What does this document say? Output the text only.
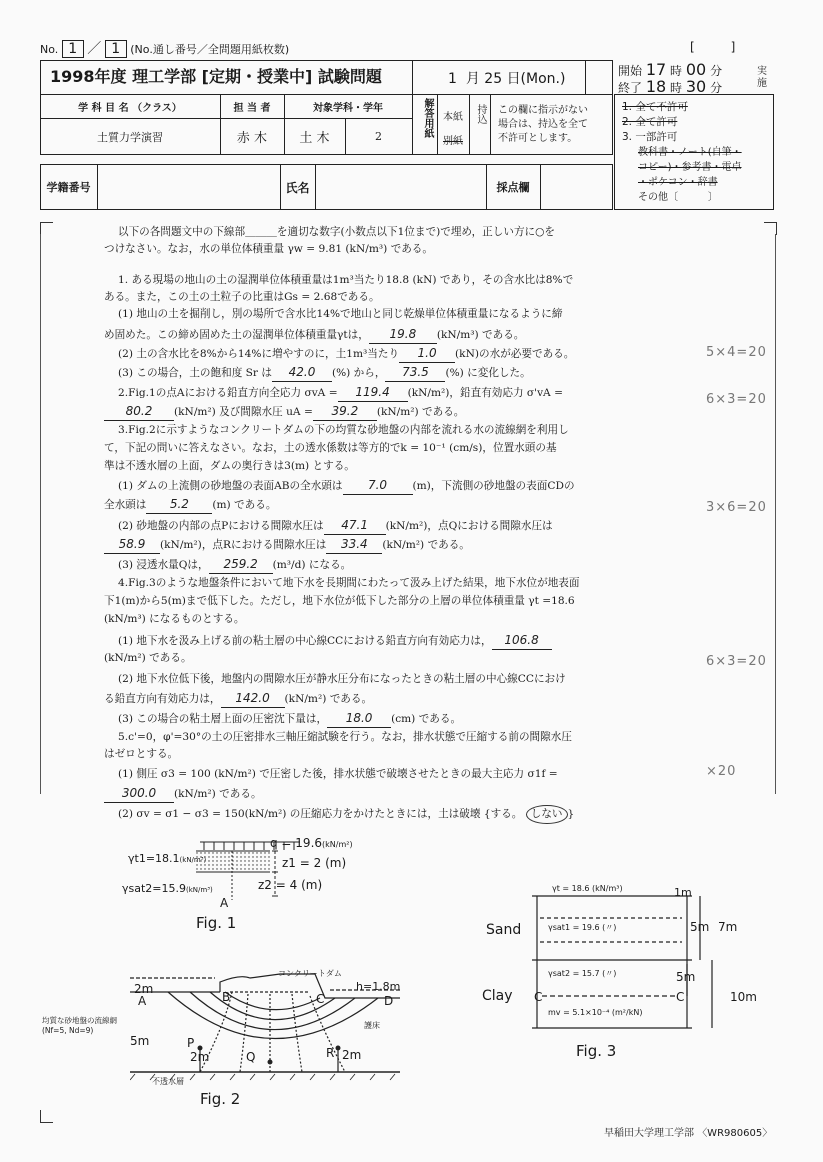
No. 1 ／ 1 (No.通し番号／全問題用紙枚数)	[　　　]
1998年度 理工学部 [定期・授業中] 試験問題	1 月 25 日(Mon.)
学 科 目 名 （クラス）	担 当 者	対象学科・学年
土質力学演習	赤 木	土 木	2	解答用紙 本紙
別紙
持込 この欄に指示がない
場合は、持込を全て
不許可とします。
開始 17 時 00 分
終了 18 時 30 分
実施
1. 全て不許可
2. 全て許可
3. 一部許可
教科書・ノート(自筆・
コピー)・参考書・電卓
・ポケコン・辞書
その他〔　　　〕
学籍番号	氏名	採点欄
以下の各問題文中の下線部＿＿＿を適切な数字(小数点以下1位まで)で埋め，正しい方に○を
つけなさい。なお，水の単位体積重量 γw = 9.81 (kN/m³) である。
1. ある現場の地山の土の湿潤単位体積重量は1m³当たり18.8 (kN) であり，その含水比は8%で
ある。また，この土の土粒子の比重はGs = 2.68である。
(1) 地山の土を掘削し，別の場所で含水比14%で地山と同じ乾燥単位体積重量になるように締
め固めた。この締め固めた土の湿潤単位体積重量γtは， 19.8 (kN/m³) である。
(2) 土の含水比を8%から14%に増やすのに，土1m³当たり 1.0 (kN)の水が必要である。
(3) この場合，土の飽和度 Sr は 42.0 (%) から， 73.5 (%) に変化した。
2.Fig.1の点Aにおける鉛直方向全応力 σvA = 119.4 (kN/m²)，鉛直有効応力 σ'vA =
80.2 (kN/m²) 及び間隙水圧 uA = 39.2 (kN/m²) である。
3.Fig.2に示すようなコンクリートダムの下の均質な砂地盤の内部を流れる水の流線網を利用し
て，下記の問いに答えなさい。なお，土の透水係数は等方的でk = 10⁻¹ (cm/s)，位置水頭の基
準は不透水層の上面，ダムの奥行きは3(m) とする。
(1) ダムの上流側の砂地盤の表面ABの全水頭は 7.0 (m)，下流側の砂地盤の表面CDの
全水頭は 5.2 (m) である。
(2) 砂地盤の内部の点Pにおける間隙水圧は 47.1 (kN/m²)，点Qにおける間隙水圧は
58.9 (kN/m²)，点Rにおける間隙水圧は 33.4 (kN/m²) である。
(3) 浸透水量Qは， 259.2 (m³/d) になる。
4.Fig.3のような地盤条件において地下水を長期間にわたって汲み上げた結果，地下水位が地表面
下1(m)から5(m)まで低下した。ただし，地下水位が低下した部分の上層の単位体積重量 γt =18.6
(kN/m³) になるものとする。
(1) 地下水を汲み上げる前の粘土層の中心線CCにおける鉛直方向有効応力は， 106.8
(kN/m²) である。
(2) 地下水位低下後，地盤内の間隙水圧が静水圧分布になったときの粘土層の中心線CCにおけ
る鉛直方向有効応力は， 142.0 (kN/m²) である。
(3) この場合の粘土層上面の圧密沈下量は， 18.0 (cm) である。
5.c'=0，φ'=30°の土の圧密排水三軸圧縮試験を行う。なお，排水状態で圧縮する前の間隙水圧
はゼロとする。
(1) 側圧 σ3 = 100 (kN/m²) で圧密した後，排水状態で破壊させたときの最大主応力 σ1f =
300.0 (kN/m²) である。
(2) σv = σ1 − σ3 = 150(kN/m²) の圧縮応力をかけたときには，土は破壊 {する。 しない }
5×4=20
6×3=20
3×6=20
6×3=20
×20
q = 19.6(kN/m²)
γt1=18.1(kN/m³)
γsat2=15.9(kN/m³)
z1 = 2 (m)
z2 = 4 (m)
A
Fig. 1
コンクリートダム
h=1.8m
2m
A	B	C	D
護床
均質な砂地盤の流線網
(Nf=5, Nd=9)
5m	P
2m	Q	R 2m
不透水層
Fig. 2
γt = 18.6 (kN/m³)	1m
Sand	γsat1 = 19.6 (〃)	5m 7m
γsat2 = 15.7 (〃)	5m
Clay C	C	10m
mv = 5.1×10⁻⁴ (m²/kN)
Fig. 3
早稲田大学理工学部 〈WR980605〉
